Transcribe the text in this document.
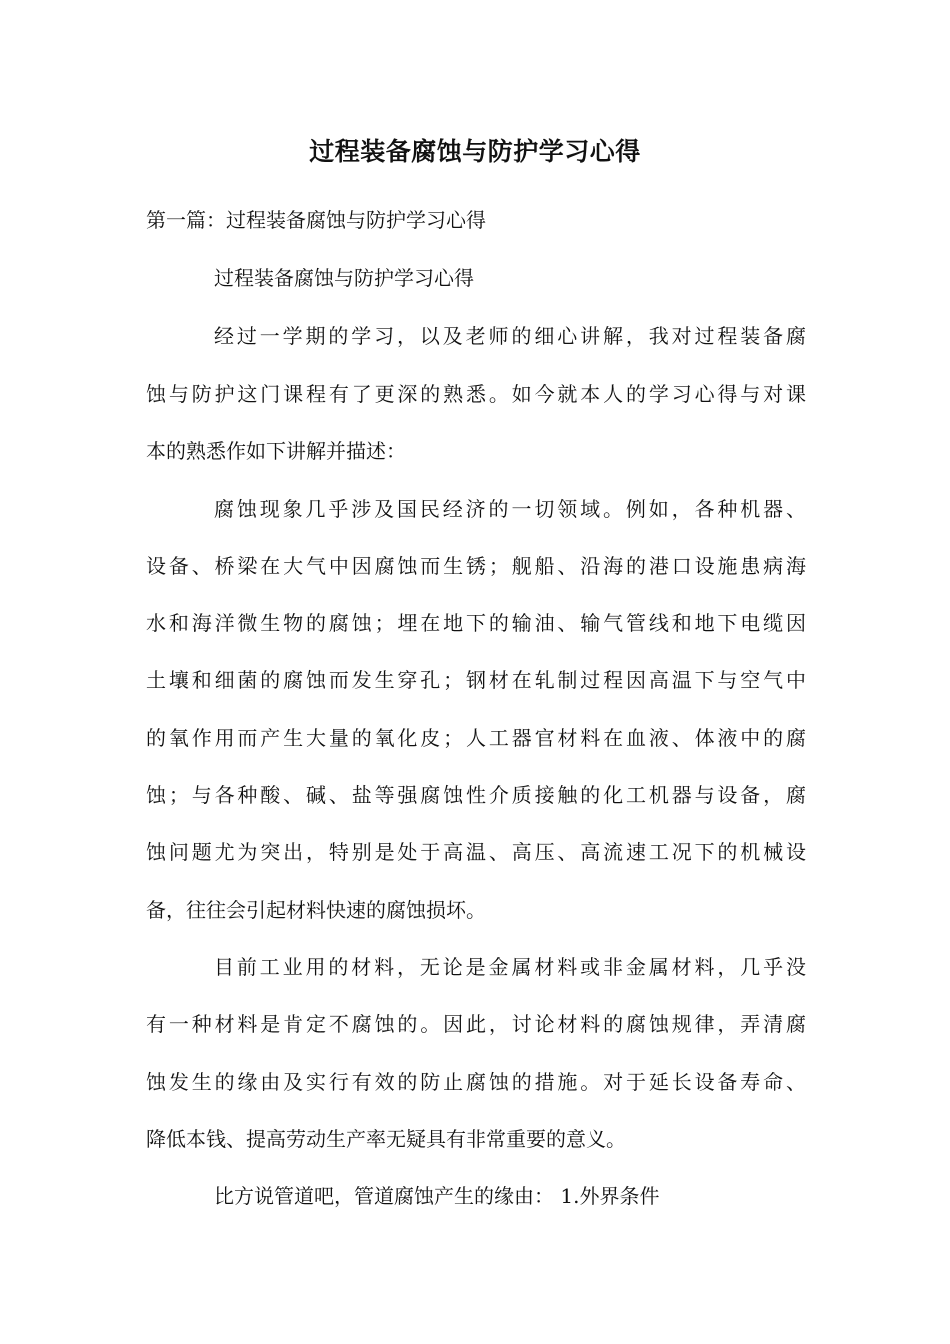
过程装备腐蚀与防护学习心得

第一篇：过程装备腐蚀与防护学习心得

过程装备腐蚀与防护学习心得

经过一学期的学习，以及老师的细心讲解，我对过程装备腐

蚀与防护这门课程有了更深的熟悉。如今就本人的学习心得与对课

本的熟悉作如下讲解并描述：

腐蚀现象几乎涉及国民经济的一切领域。例如，各种机器、

设备、桥梁在大气中因腐蚀而生锈；舰船、沿海的港口设施患病海

水和海洋微生物的腐蚀；埋在地下的输油、输气管线和地下电缆因

土壤和细菌的腐蚀而发生穿孔；钢材在轧制过程因高温下与空气中

的氧作用而产生大量的氧化皮；人工器官材料在血液、体液中的腐

蚀；与各种酸、碱、盐等强腐蚀性介质接触的化工机器与设备，腐

蚀问题尤为突出，特别是处于高温、高压、高流速工况下的机械设

备，往往会引起材料快速的腐蚀损坏。

目前工业用的材料，无论是金属材料或非金属材料，几乎没

有一种材料是肯定不腐蚀的。因此，讨论材料的腐蚀规律，弄清腐

蚀发生的缘由及实行有效的防止腐蚀的措施。对于延长设备寿命、

降低本钱、提高劳动生产率无疑具有非常重要的意义。

比方说管道吧，管道腐蚀产生的缘由： 1.外界条件
